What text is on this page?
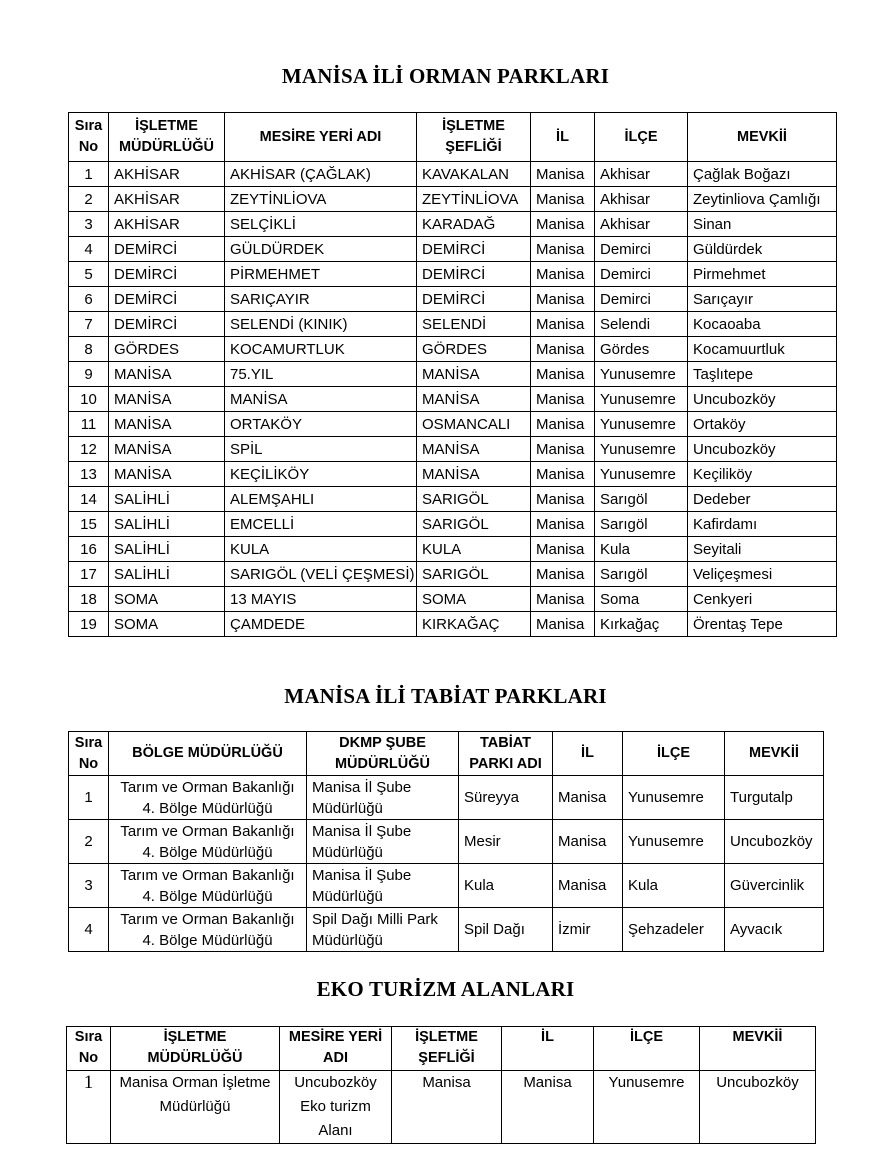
MANİSA İLİ ORMAN PARKLARI
Sıra No	İŞLETME MÜDÜRLÜĞÜ	MESİRE YERİ ADI	İŞLETME ŞEFLİĞİ	İL	İLÇE	MEVKİİ
1	AKHİSAR	AKHİSAR (ÇAĞLAK)	KAVAKALAN	Manisa	Akhisar	Çağlak Boğazı
2	AKHİSAR	ZEYTİNLİOVA	ZEYTİNLİOVA	Manisa	Akhisar	Zeytinliova Çamlığı
3	AKHİSAR	SELÇİKLİ	KARADAĞ	Manisa	Akhisar	Sinan
4	DEMİRCİ	GÜLDÜRDEK	DEMİRCİ	Manisa	Demirci	Güldürdek
5	DEMİRCİ	PİRMEHMET	DEMİRCİ	Manisa	Demirci	Pirmehmet
6	DEMİRCİ	SARIÇAYIR	DEMİRCİ	Manisa	Demirci	Sarıçayır
7	DEMİRCİ	SELENDİ (KINIK)	SELENDİ	Manisa	Selendi	Kocaoaba
8	GÖRDES	KOCAMURTLUK	GÖRDES	Manisa	Gördes	Kocamuurtluk
9	MANİSA	75.YIL	MANİSA	Manisa	Yunusemre	Taşlıtepe
10	MANİSA	MANİSA	MANİSA	Manisa	Yunusemre	Uncubozköy
11	MANİSA	ORTAKÖY	OSMANCALI	Manisa	Yunusemre	Ortaköy
12	MANİSA	SPİL	MANİSA	Manisa	Yunusemre	Uncubozköy
13	MANİSA	KEÇİLİKÖY	MANİSA	Manisa	Yunusemre	Keçiliköy
14	SALİHLİ	ALEMŞAHLI	SARIGÖL	Manisa	Sarıgöl	Dedeber
15	SALİHLİ	EMCELLİ	SARIGÖL	Manisa	Sarıgöl	Kafirdamı
16	SALİHLİ	KULA	KULA	Manisa	Kula	Seyitali
17	SALİHLİ	SARIGÖL (VELİ ÇEŞMESİ)	SARIGÖL	Manisa	Sarıgöl	Veliçeşmesi
18	SOMA	13 MAYIS	SOMA	Manisa	Soma	Cenkyeri
19	SOMA	ÇAMDEDE	KIRKAĞAÇ	Manisa	Kırkağaç	Örentaş Tepe
MANİSA İLİ TABİAT PARKLARI
Sıra No	BÖLGE MÜDÜRLÜĞÜ	DKMP ŞUBE MÜDÜRLÜĞÜ	TABİAT PARKI ADI	İL	İLÇE	MEVKİİ
1	Tarım ve Orman Bakanlığı 4. Bölge Müdürlüğü	Manisa İl Şube Müdürlüğü	Süreyya	Manisa	Yunusemre	Turgutalp
2	Tarım ve Orman Bakanlığı 4. Bölge Müdürlüğü	Manisa İl Şube Müdürlüğü	Mesir	Manisa	Yunusemre	Uncubozköy
3	Tarım ve Orman Bakanlığı 4. Bölge Müdürlüğü	Manisa İl Şube Müdürlüğü	Kula	Manisa	Kula	Güvercinlik
4	Tarım ve Orman Bakanlığı 4. Bölge Müdürlüğü	Spil Dağı Milli Park Müdürlüğü	Spil Dağı	İzmir	Şehzadeler	Ayvacık
EKO TURİZM ALANLARI
Sıra No	İŞLETME MÜDÜRLÜĞÜ	MESİRE YERİ ADI	İŞLETME ŞEFLİĞİ	İL	İLÇE	MEVKİİ
1	Manisa Orman İşletme Müdürlüğü	Uncubozköy Eko turizm Alanı	Manisa	Manisa	Yunusemre	Uncubozköy
